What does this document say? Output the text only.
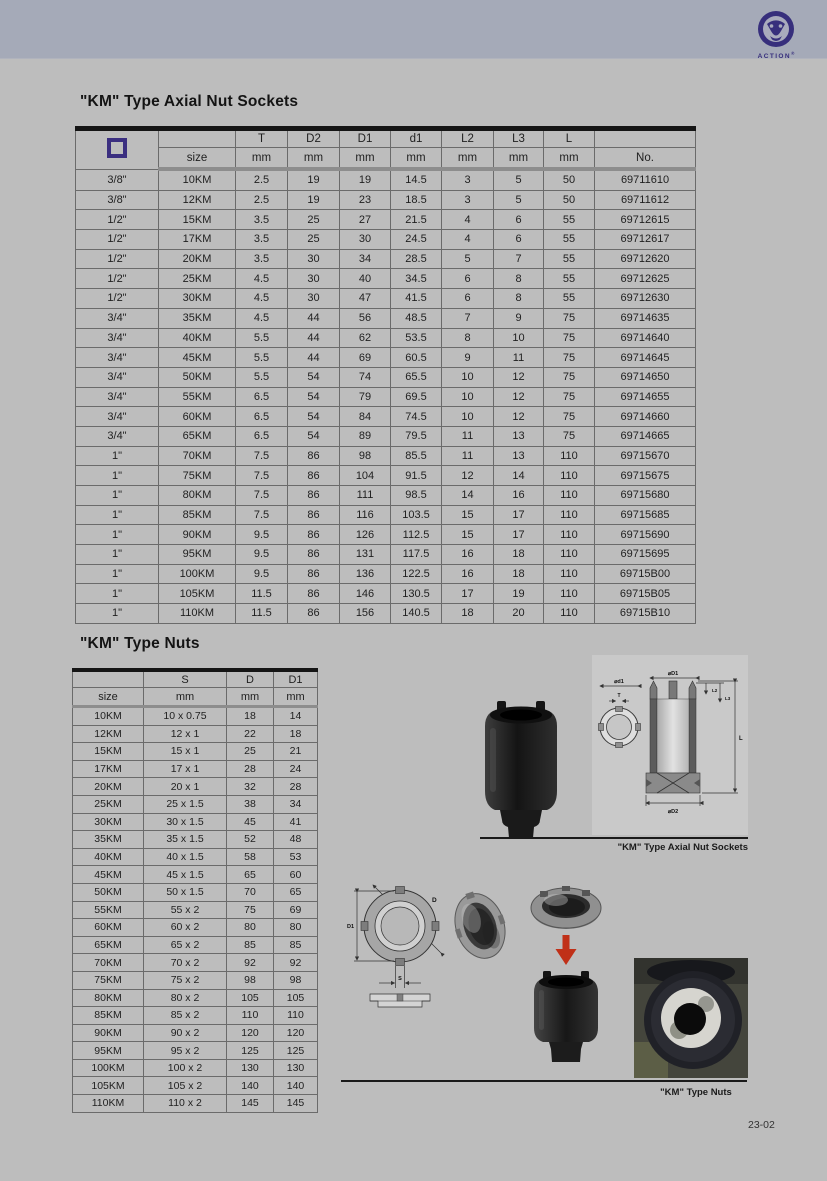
ACTION®
"KM" Type Axial Nut Sockets
		T	D2	D1	d1	L2	L3	L	
	size	mm	mm	mm	mm	mm	mm	mm	No.
3/8"	10KM	2.5	19	19	14.5	3	5	50	69711610
3/8"	12KM	2.5	19	23	18.5	3	5	50	69711612
1/2"	15KM	3.5	25	27	21.5	4	6	55	69712615
1/2"	17KM	3.5	25	30	24.5	4	6	55	69712617
1/2"	20KM	3.5	30	34	28.5	5	7	55	69712620
1/2"	25KM	4.5	30	40	34.5	6	8	55	69712625
1/2"	30KM	4.5	30	47	41.5	6	8	55	69712630
3/4"	35KM	4.5	44	56	48.5	7	9	75	69714635
3/4"	40KM	5.5	44	62	53.5	8	10	75	69714640
3/4"	45KM	5.5	44	69	60.5	9	11	75	69714645
3/4"	50KM	5.5	54	74	65.5	10	12	75	69714650
3/4"	55KM	6.5	54	79	69.5	10	12	75	69714655
3/4"	60KM	6.5	54	84	74.5	10	12	75	69714660
3/4"	65KM	6.5	54	89	79.5	11	13	75	69714665
1"	70KM	7.5	86	98	85.5	11	13	110	69715670
1"	75KM	7.5	86	104	91.5	12	14	110	69715675
1"	80KM	7.5	86	111	98.5	14	16	110	69715680
1"	85KM	7.5	86	116	103.5	15	17	110	69715685
1"	90KM	9.5	86	126	112.5	15	17	110	69715690
1"	95KM	9.5	86	131	117.5	16	18	110	69715695
1"	100KM	9.5	86	136	122.5	16	18	110	69715B00
1"	105KM	11.5	86	146	130.5	17	19	110	69715B05
1"	110KM	11.5	86	156	140.5	18	20	110	69715B10
"KM" Type Nuts
	S	D	D1
size	mm	mm	mm
10KM	10 x 0.75	18	14
12KM	12 x 1	22	18
15KM	15 x 1	25	21
17KM	17 x 1	28	24
20KM	20 x 1	32	28
25KM	25 x 1.5	38	34
30KM	30 x 1.5	45	41
35KM	35 x 1.5	52	48
40KM	40 x 1.5	58	53
45KM	45 x 1.5	65	60
50KM	50 x 1.5	70	65
55KM	55 x 2	75	69
60KM	60 x 2	80	80
65KM	65 x 2	85	85
70KM	70 x 2	92	92
75KM	75 x 2	98	98
80KM	80 x 2	105	105
85KM	85 x 2	110	110
90KM	90 x 2	120	120
95KM	95 x 2	125	125
100KM	100 x 2	130	130
105KM	105 x 2	140	140
110KM	110 x 2	145	145
⌀d1
T
⌀D1
L2
L3
L
⌀D2
"KM" Type Axial Nut Sockets
D
D1
S
"KM" Type Nuts
23-02
